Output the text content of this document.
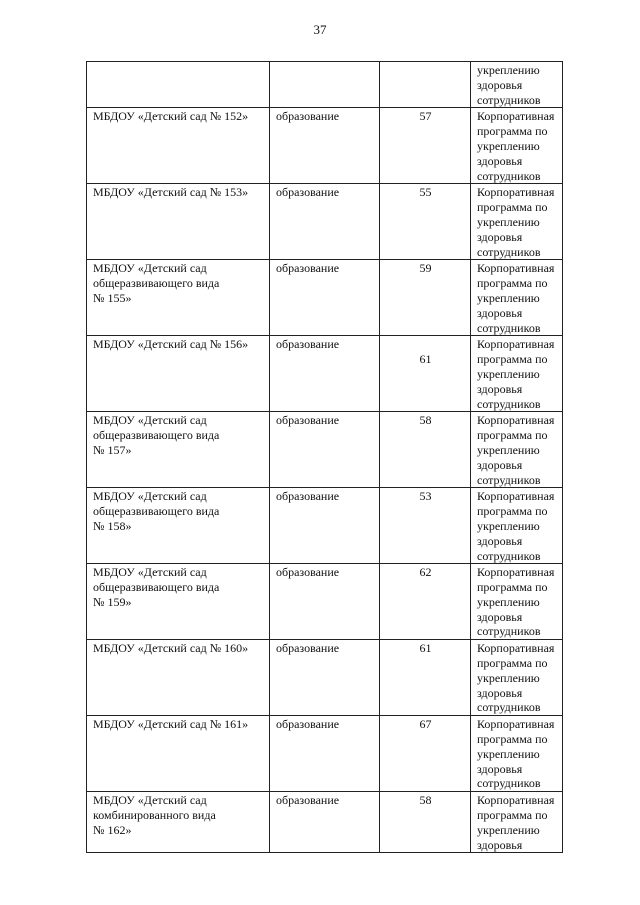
37

			укреплению
здоровья
сотрудников

МБДОУ «Детский сад № 152»	образование	57	Корпоративная
программа по
укреплению
здоровья
сотрудников

МБДОУ «Детский сад № 153»	образование	55	Корпоративная
программа по
укреплению
здоровья
сотрудников

МБДОУ «Детский сад
общеразвивающего вида
№ 155»	образование	59	Корпоративная
программа по
укреплению
здоровья
сотрудников

МБДОУ «Детский сад № 156»	образование	61	Корпоративная
программа по
укреплению
здоровья
сотрудников

МБДОУ «Детский сад
общеразвивающего вида
№ 157»	образование	58	Корпоративная
программа по
укреплению
здоровья
сотрудников

МБДОУ «Детский сад
общеразвивающего вида
№ 158»	образование	53	Корпоративная
программа по
укреплению
здоровья
сотрудников

МБДОУ «Детский сад
общеразвивающего вида
№ 159»	образование	62	Корпоративная
программа по
укреплению
здоровья
сотрудников

МБДОУ «Детский сад № 160»	образование	61	Корпоративная
программа по
укреплению
здоровья
сотрудников

МБДОУ «Детский сад № 161»	образование	67	Корпоративная
программа по
укреплению
здоровья
сотрудников

МБДОУ «Детский сад
комбинированного вида
№ 162»	образование	58	Корпоративная
программа по
укреплению
здоровья
